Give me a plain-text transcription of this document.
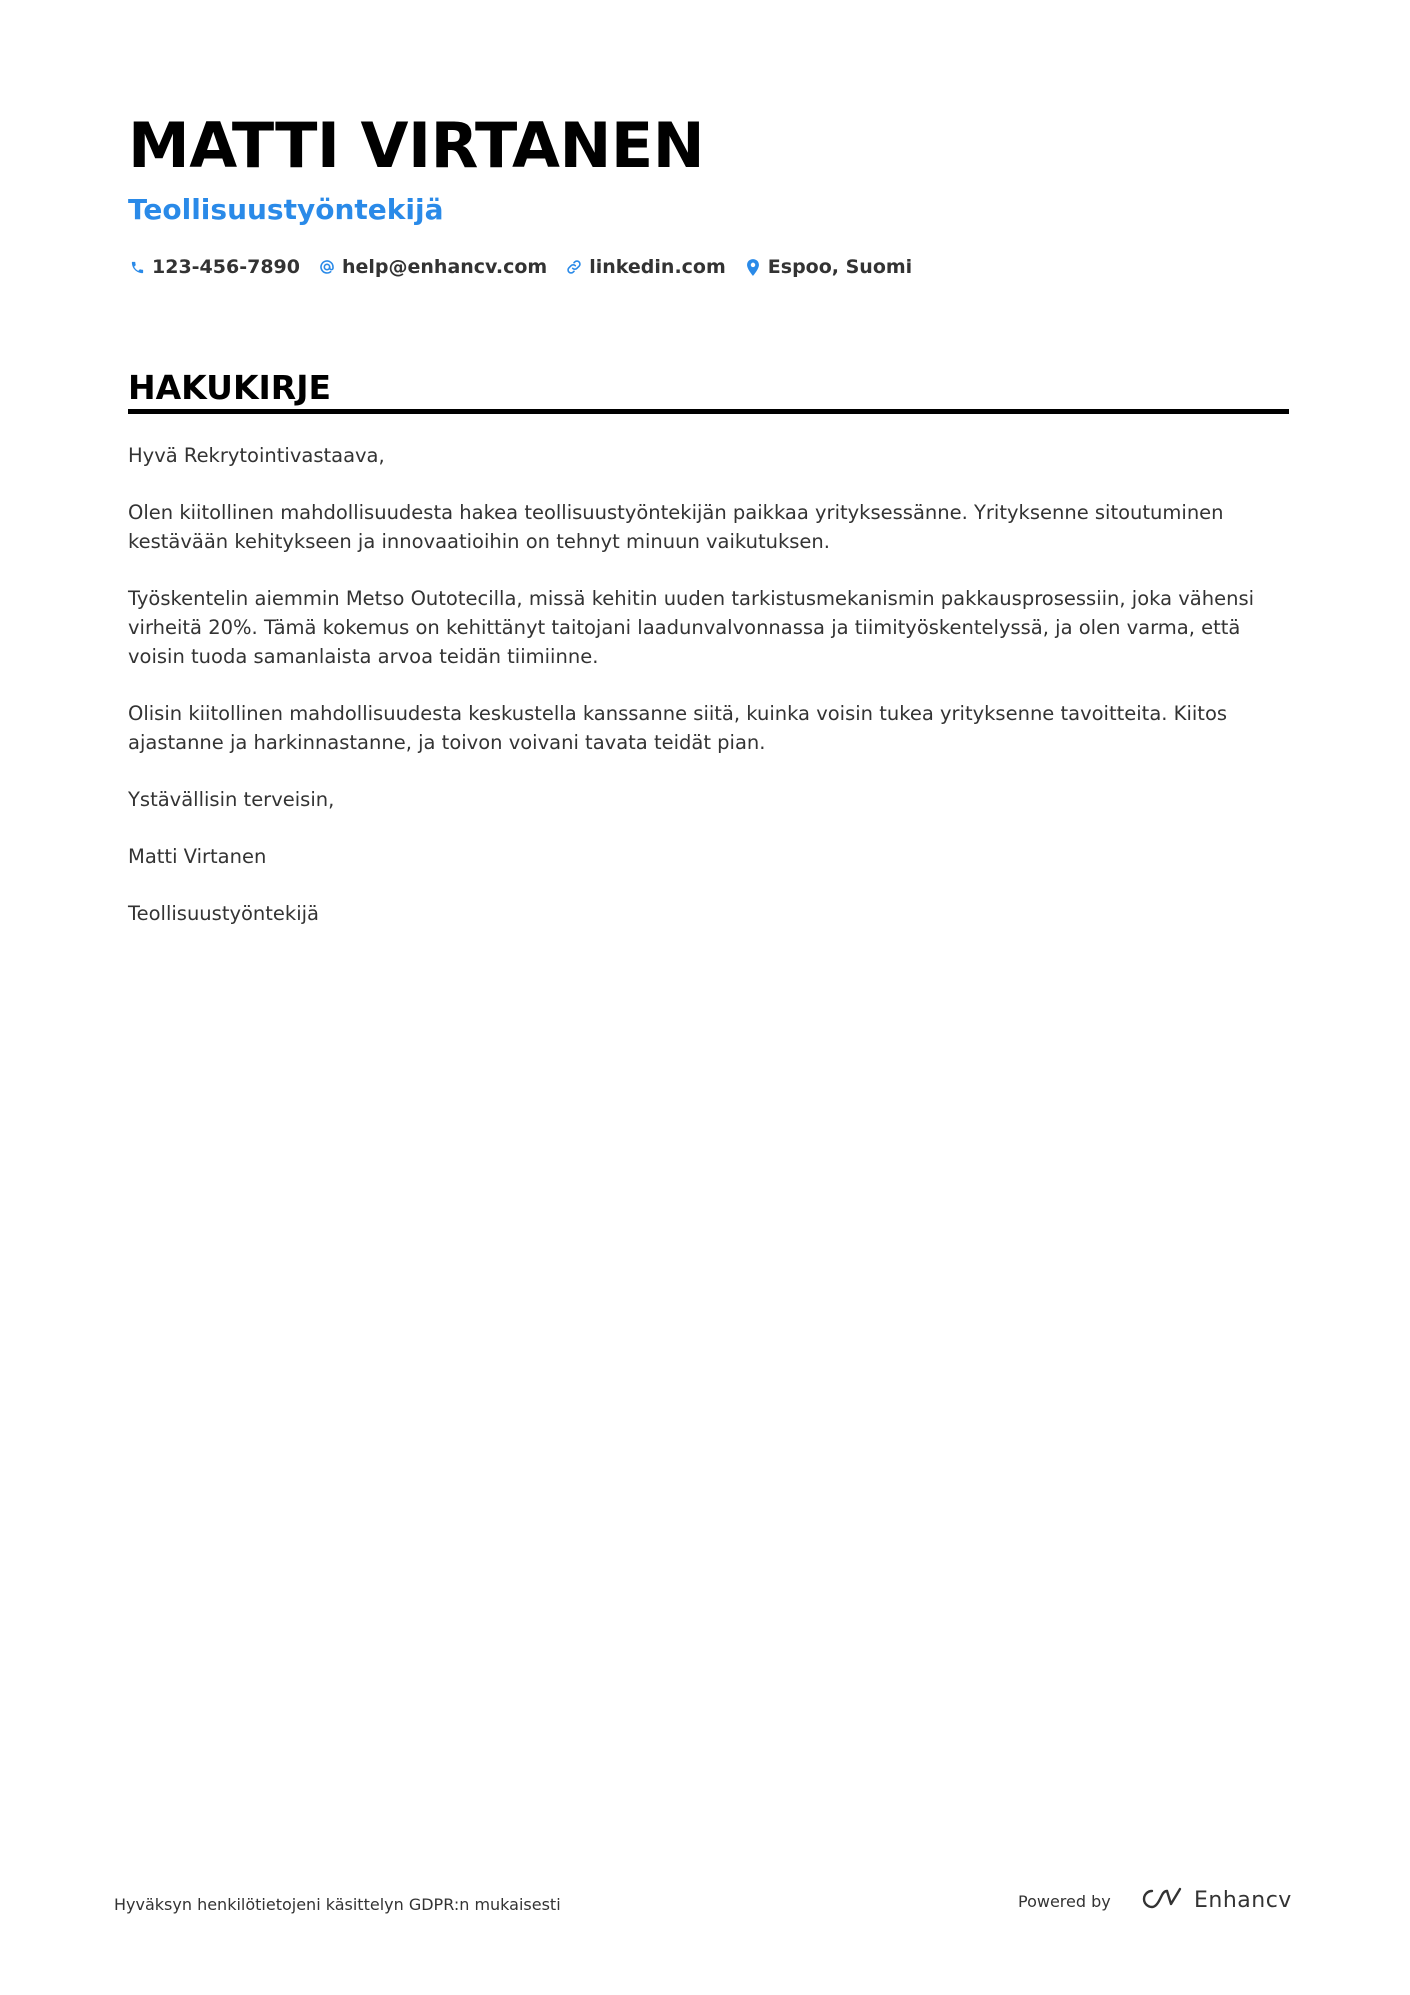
MATTI VIRTANEN
Teollisuustyöntekijä
123-456-7890 help@enhancv.com linkedin.com Espoo, Suomi
HAKUKIRJE

Hyvä Rekrytointivastaava,

Olen kiitollinen mahdollisuudesta hakea teollisuustyöntekijän paikkaa yrityksessänne. Yrityksenne sitoutuminen kestävään kehitykseen ja innovaatioihin on tehnyt minuun vaikutuksen.

Työskentelin aiemmin Metso Outotecilla, missä kehitin uuden tarkistusmekanismin pakkausprosessiin, joka vähensi virheitä 20%. Tämä kokemus on kehittänyt taitojani laadunvalvonnassa ja tiimityöskentelyssä, ja olen varma, että voisin tuoda samanlaista arvoa teidän tiimiinne.

Olisin kiitollinen mahdollisuudesta keskustella kanssanne siitä, kuinka voisin tukea yrityksenne tavoitteita. Kiitos ajastanne ja harkinnastanne, ja toivon voivani tavata teidät pian.

Ystävällisin terveisin,

Matti Virtanen

Teollisuustyöntekijä

Hyväksyn henkilötietojeni käsittelyn GDPR:n mukaisesti	Powered by	Enhancv
